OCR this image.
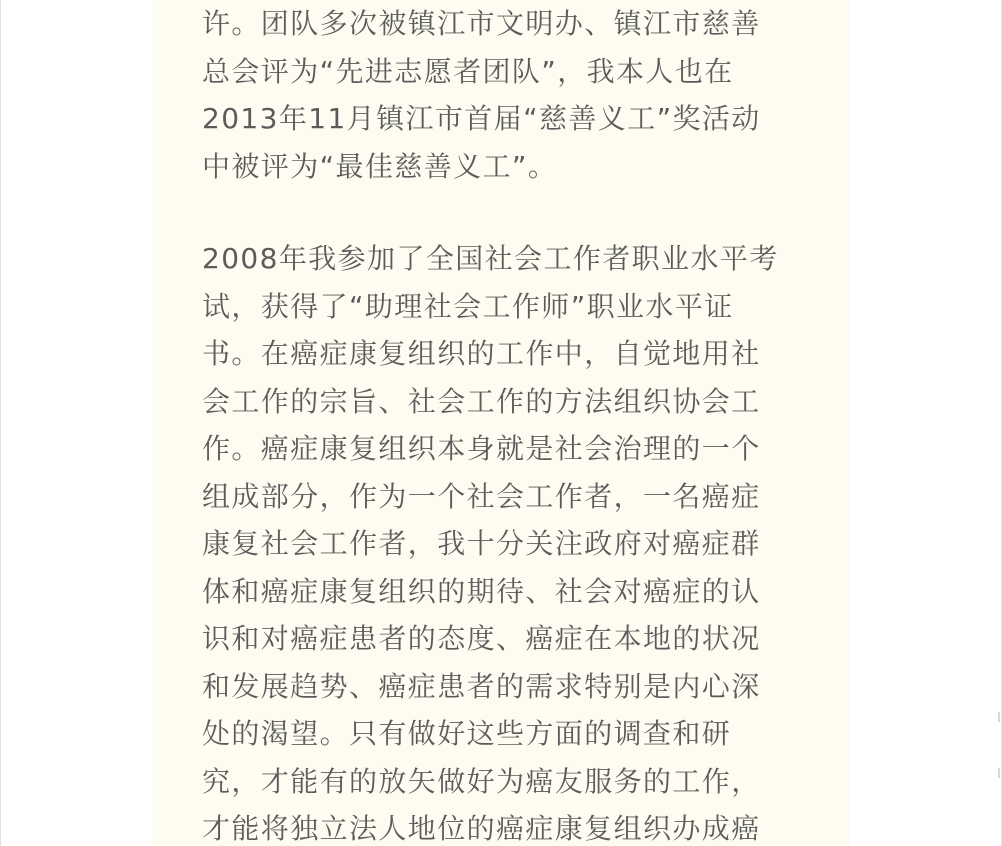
许。团队多次被镇江市文明办、镇江市慈善
总会评为“先进志愿者团队”，我本人也在
2013年11月镇江市首届“慈善义工”奖活动
中被评为“最佳慈善义工”。
2008年我参加了全国社会工作者职业水平考
试，获得了“助理社会工作师”职业水平证
书。在癌症康复组织的工作中，自觉地用社
会工作的宗旨、社会工作的方法组织协会工
作。癌症康复组织本身就是社会治理的一个
组成部分，作为一个社会工作者，一名癌症
康复社会工作者，我十分关注政府对癌症群
体和癌症康复组织的期待、社会对癌症的认
识和对癌症患者的态度、癌症在本地的状况
和发展趋势、癌症患者的需求特别是内心深
处的渴望。只有做好这些方面的调查和研
究，才能有的放矢做好为癌友服务的工作，
才能将独立法人地位的癌症康复组织办成癌
